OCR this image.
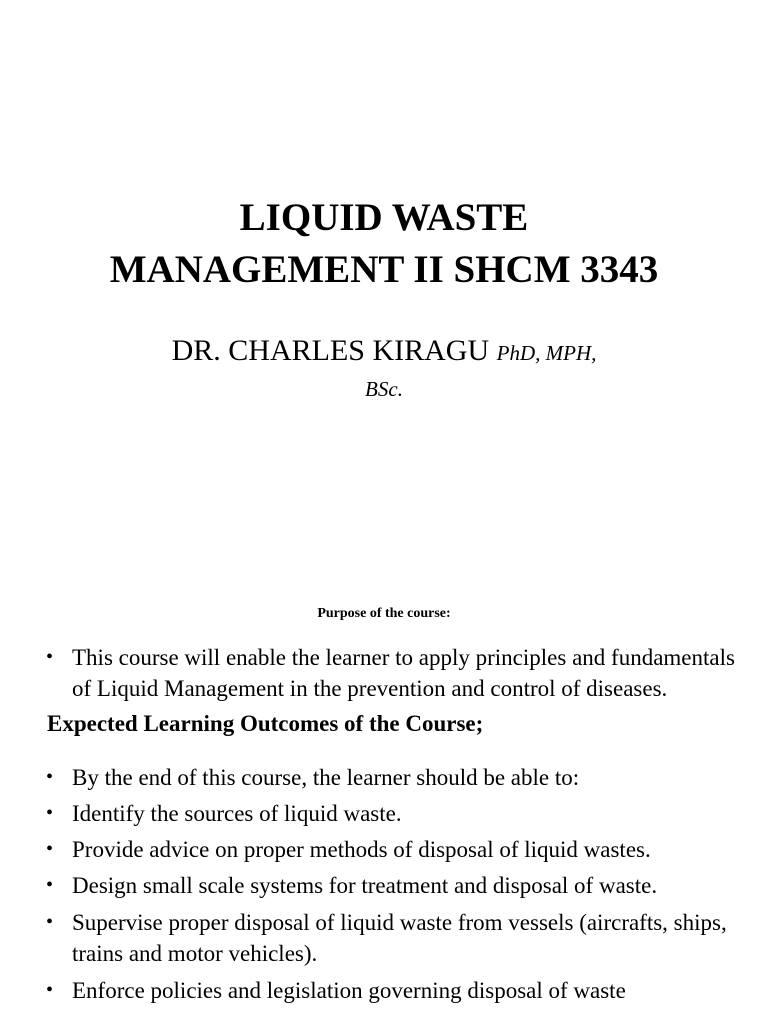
LIQUID WASTE
MANAGEMENT II SHCM 3343
DR. CHARLES KIRAGU PhD, MPH,
BSc.
Purpose of the course:

• This course will enable the learner to apply principles and fundamentals of Liquid Management in the prevention and control of diseases.

Expected Learning Outcomes of the Course;

• By the end of this course, the learner should be able to:

• Identify the sources of liquid waste.

• Provide advice on proper methods of disposal of liquid wastes.

• Design small scale systems for treatment and disposal of waste.

• Supervise proper disposal of liquid waste from vessels (aircrafts, ships, trains and motor vehicles).

• Enforce policies and legislation governing disposal of waste
